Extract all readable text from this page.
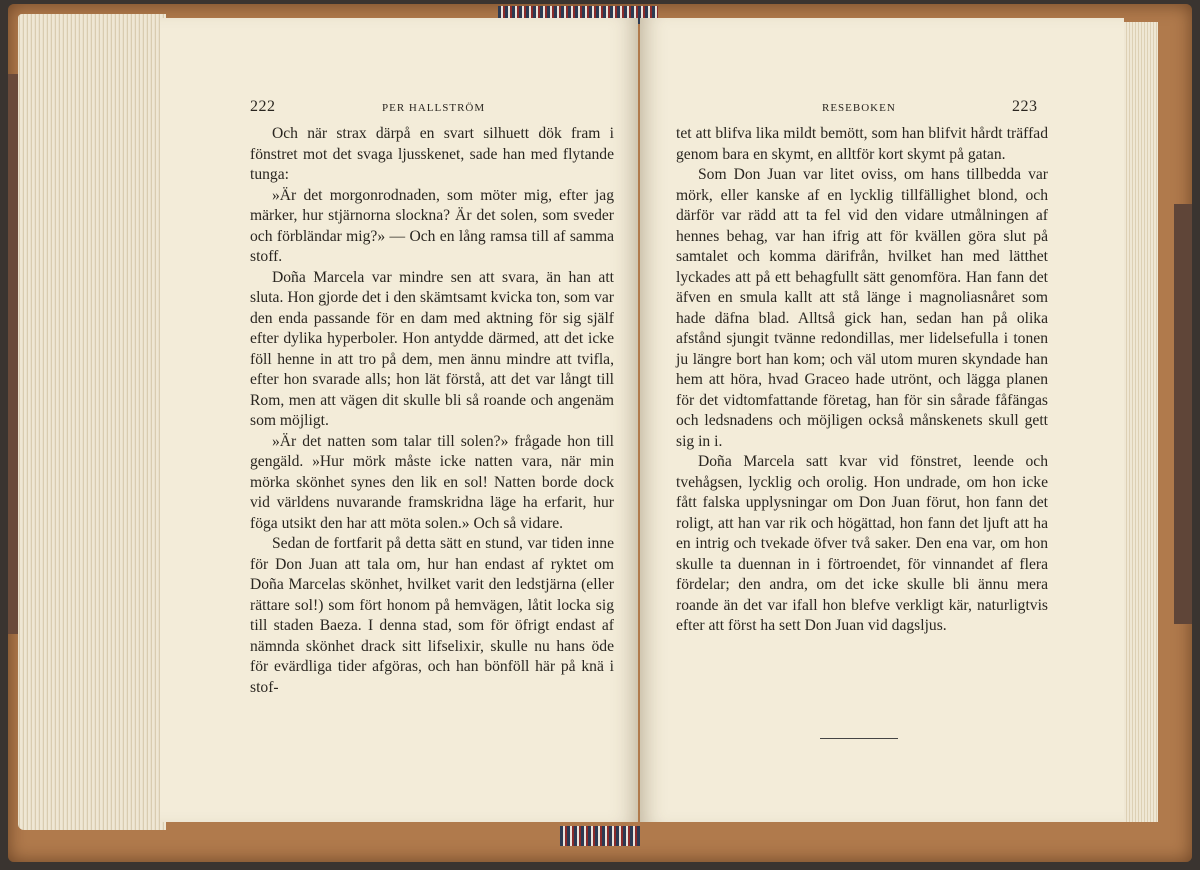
222	PER HALLSTRÖM

Och när strax därpå en svart silhuett dök fram i fönstret mot det svaga ljusskenet, sade han med flytande tunga:

»Är det morgonrodnaden, som möter mig, efter jag märker, hur stjärnorna slockna? Är det solen, som sveder och förbländar mig?» — Och en lång ramsa till af samma stoff.

Doña Marcela var mindre sen att svara, än han att sluta. Hon gjorde det i den skämtsamt kvicka ton, som var den enda passande för en dam med aktning för sig själf efter dylika hyperboler. Hon antydde därmed, att det icke föll henne in att tro på dem, men ännu mindre att tvifla, efter hon svarade alls; hon lät förstå, att det var långt till Rom, men att vägen dit skulle bli så roande och angenäm som möjligt.

»Är det natten som talar till solen?» frågade hon till gengäld. »Hur mörk måste icke natten vara, när min mörka skönhet synes den lik en sol! Natten borde dock vid världens nuvarande framskridna läge ha erfarit, hur föga utsikt den har att möta solen.» Och så vidare.

Sedan de fortfarit på detta sätt en stund, var tiden inne för Don Juan att tala om, hur han endast af ryktet om Doña Marcelas skönhet, hvilket varit den ledstjärna (eller rättare sol!) som fört honom på hemvägen, låtit locka sig till staden Baeza. I denna stad, som för öfrigt endast af nämnda skönhet drack sitt lifselixir, skulle nu hans öde för evärdliga tider afgöras, och han bönföll här på knä i stof-

RESEBOKEN	223

tet att blifva lika mildt bemött, som han blifvit hårdt träffad genom bara en skymt, en alltför kort skymt på gatan.

Som Don Juan var litet oviss, om hans tillbedda var mörk, eller kanske af en lycklig tillfällighet blond, och därför var rädd att ta fel vid den vidare utmålningen af hennes behag, var han ifrig att för kvällen göra slut på samtalet och komma därifrån, hvilket han med lätthet lyckades att på ett behagfullt sätt genomföra. Han fann det äfven en smula kallt att stå länge i magnoliasnåret som hade däfna blad. Alltså gick han, sedan han på olika afstånd sjungit tvänne redondillas, mer lidelsefulla i tonen ju längre bort han kom; och väl utom muren skyndade han hem att höra, hvad Graceo hade utrönt, och lägga planen för det vidtomfattande företag, han för sin sårade fåfängas och ledsnadens och möjligen också månskenets skull gett sig in i.

Doña Marcela satt kvar vid fönstret, leende och tvehågsen, lycklig och orolig. Hon undrade, om hon icke fått falska upplysningar om Don Juan förut, hon fann det roligt, att han var rik och högättad, hon fann det ljuft att ha en intrig och tvekade öfver två saker. Den ena var, om hon skulle ta duennan in i förtroendet, för vinnandet af flera fördelar; den andra, om det icke skulle bli ännu mera roande än det var ifall hon blefve verkligt kär, naturligtvis efter att först ha sett Don Juan vid dagsljus.
